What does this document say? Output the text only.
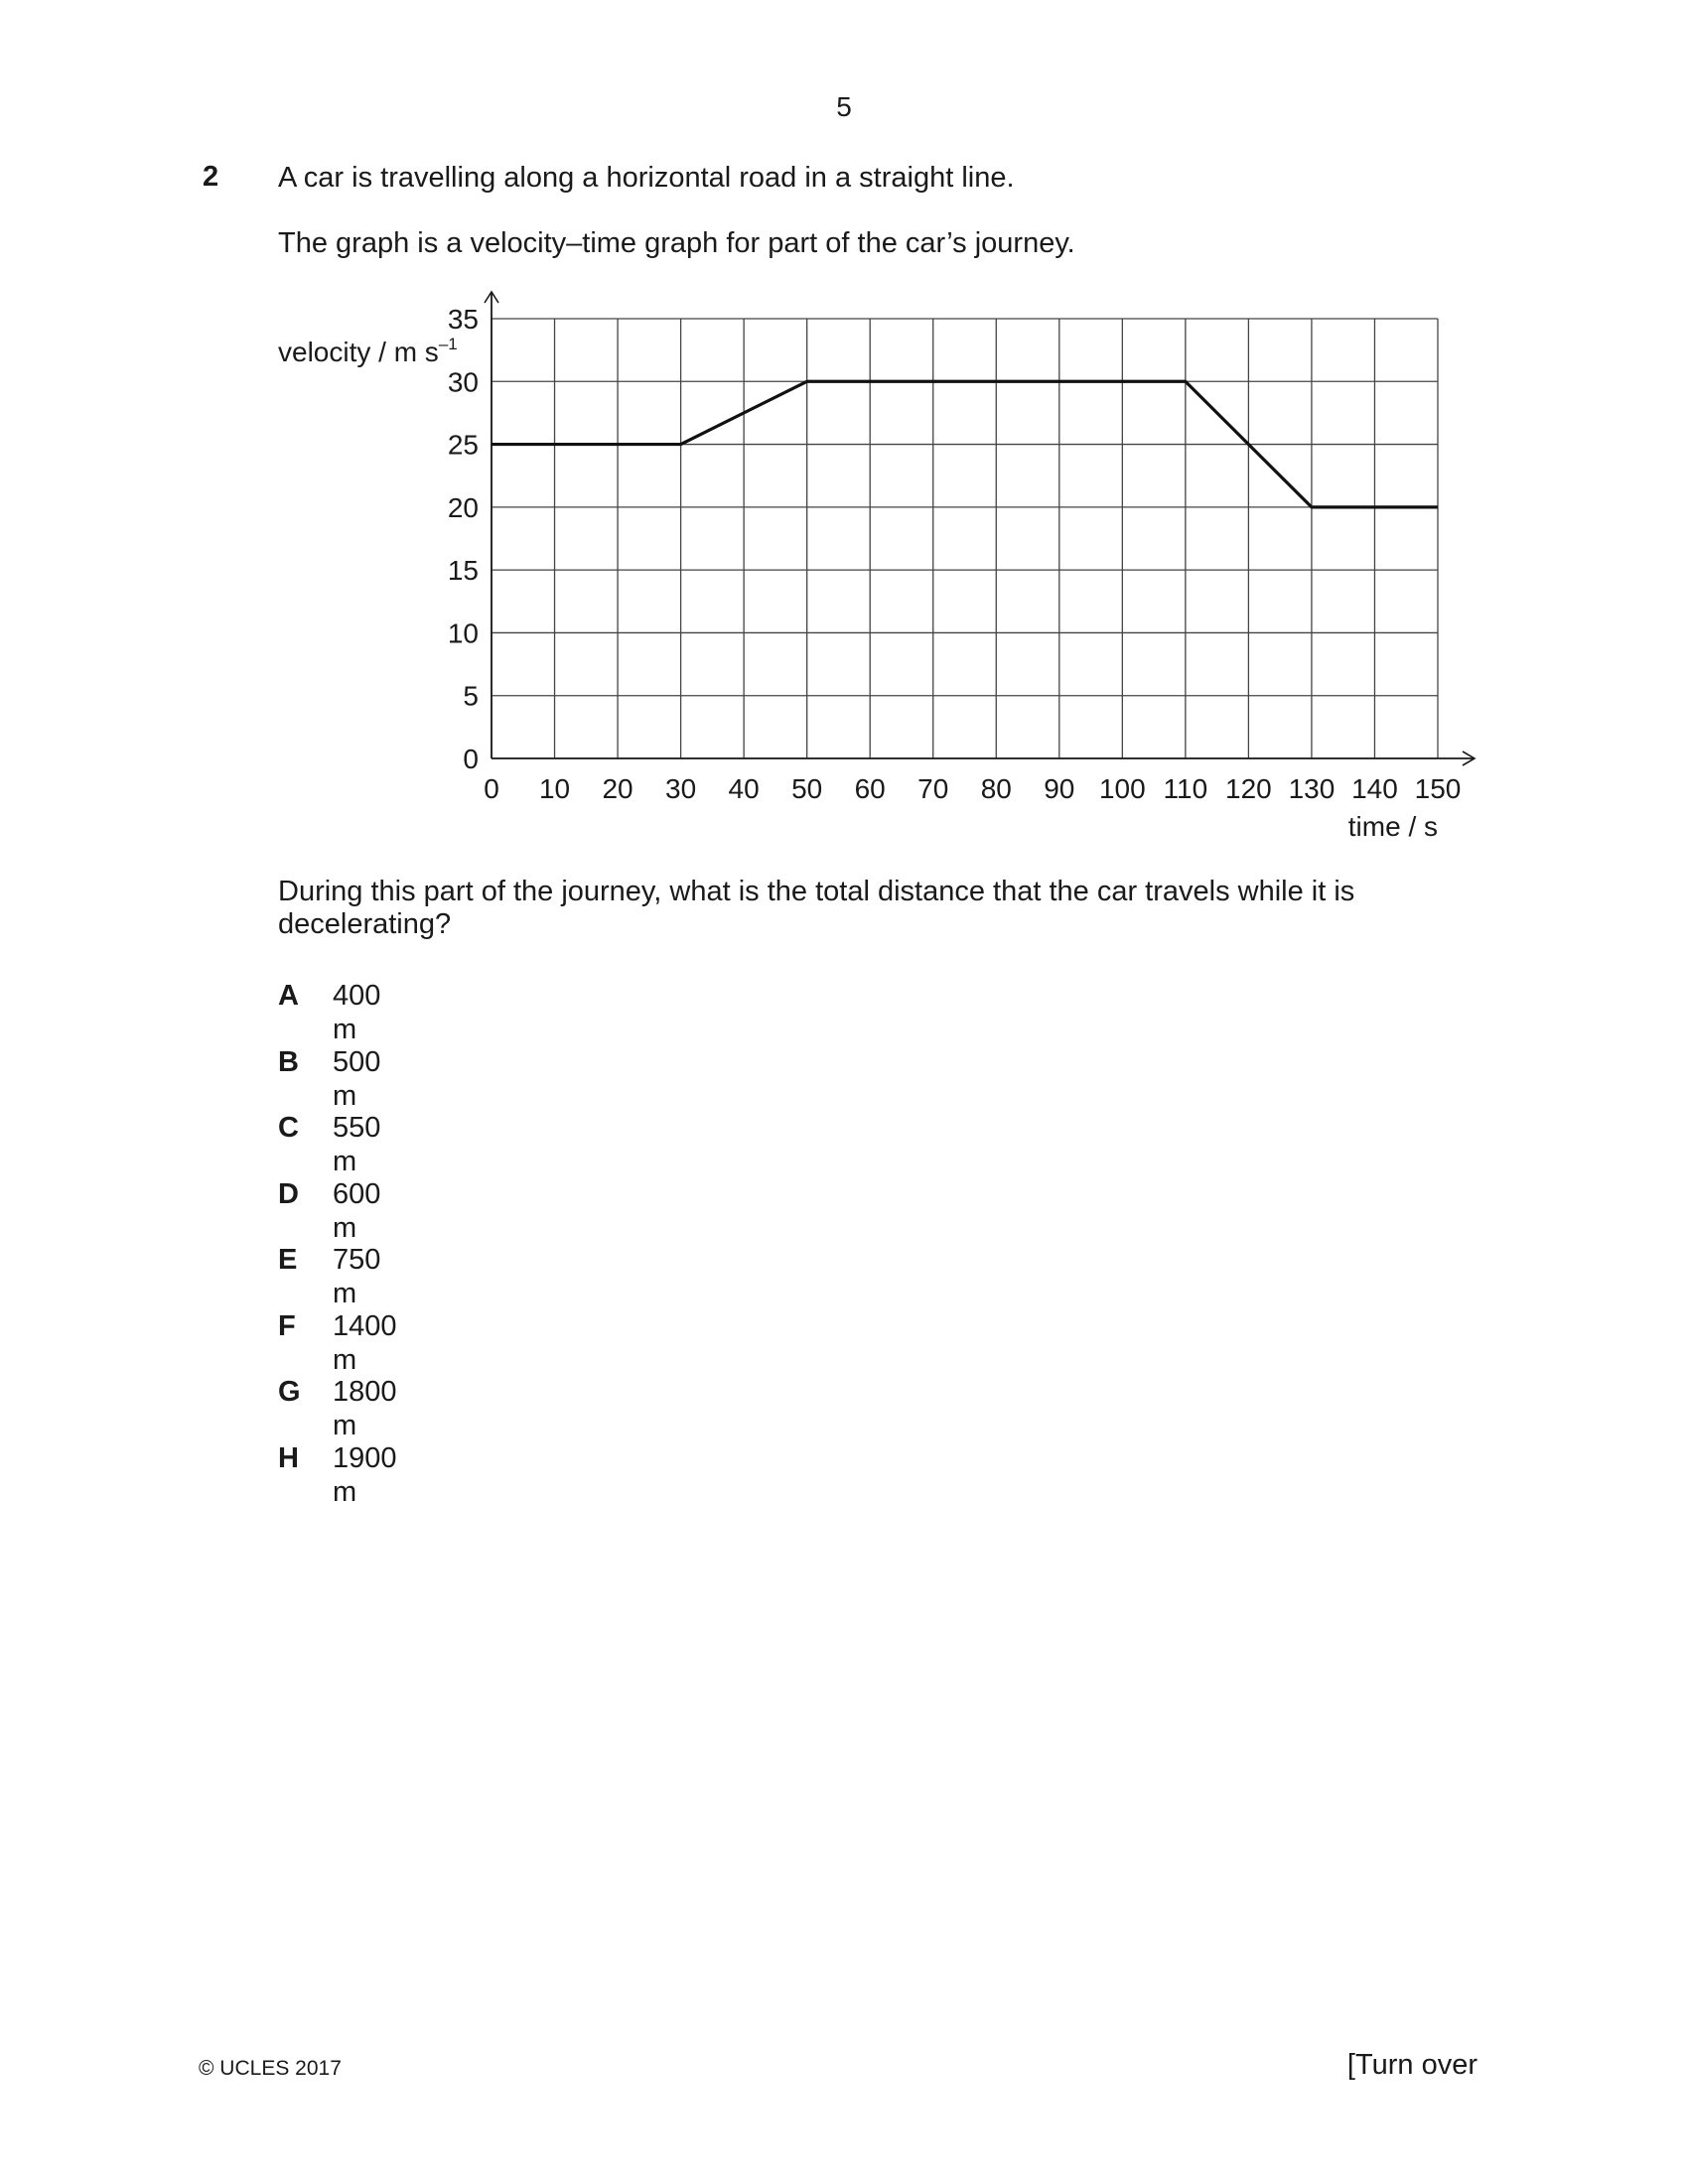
5
2 A car is travelling along a horizontal road in a straight line.
The graph is a velocity–time graph for part of the car’s journey.
0
5
10
15
20
25
30
35
0 10 20 30 40 50 60 70 80 90 100 110 120 130 140 150
velocity / m $s^{-1}$
time / s
During this part of the journey, what is the total distance that the car travels while it is decelerating?
A 400 m
B 500 m
C 550 m
D 600 m
E 750 m
F 1400 m
G 1800 m
H 1900 m
© UCLES 2017	[Turn over
